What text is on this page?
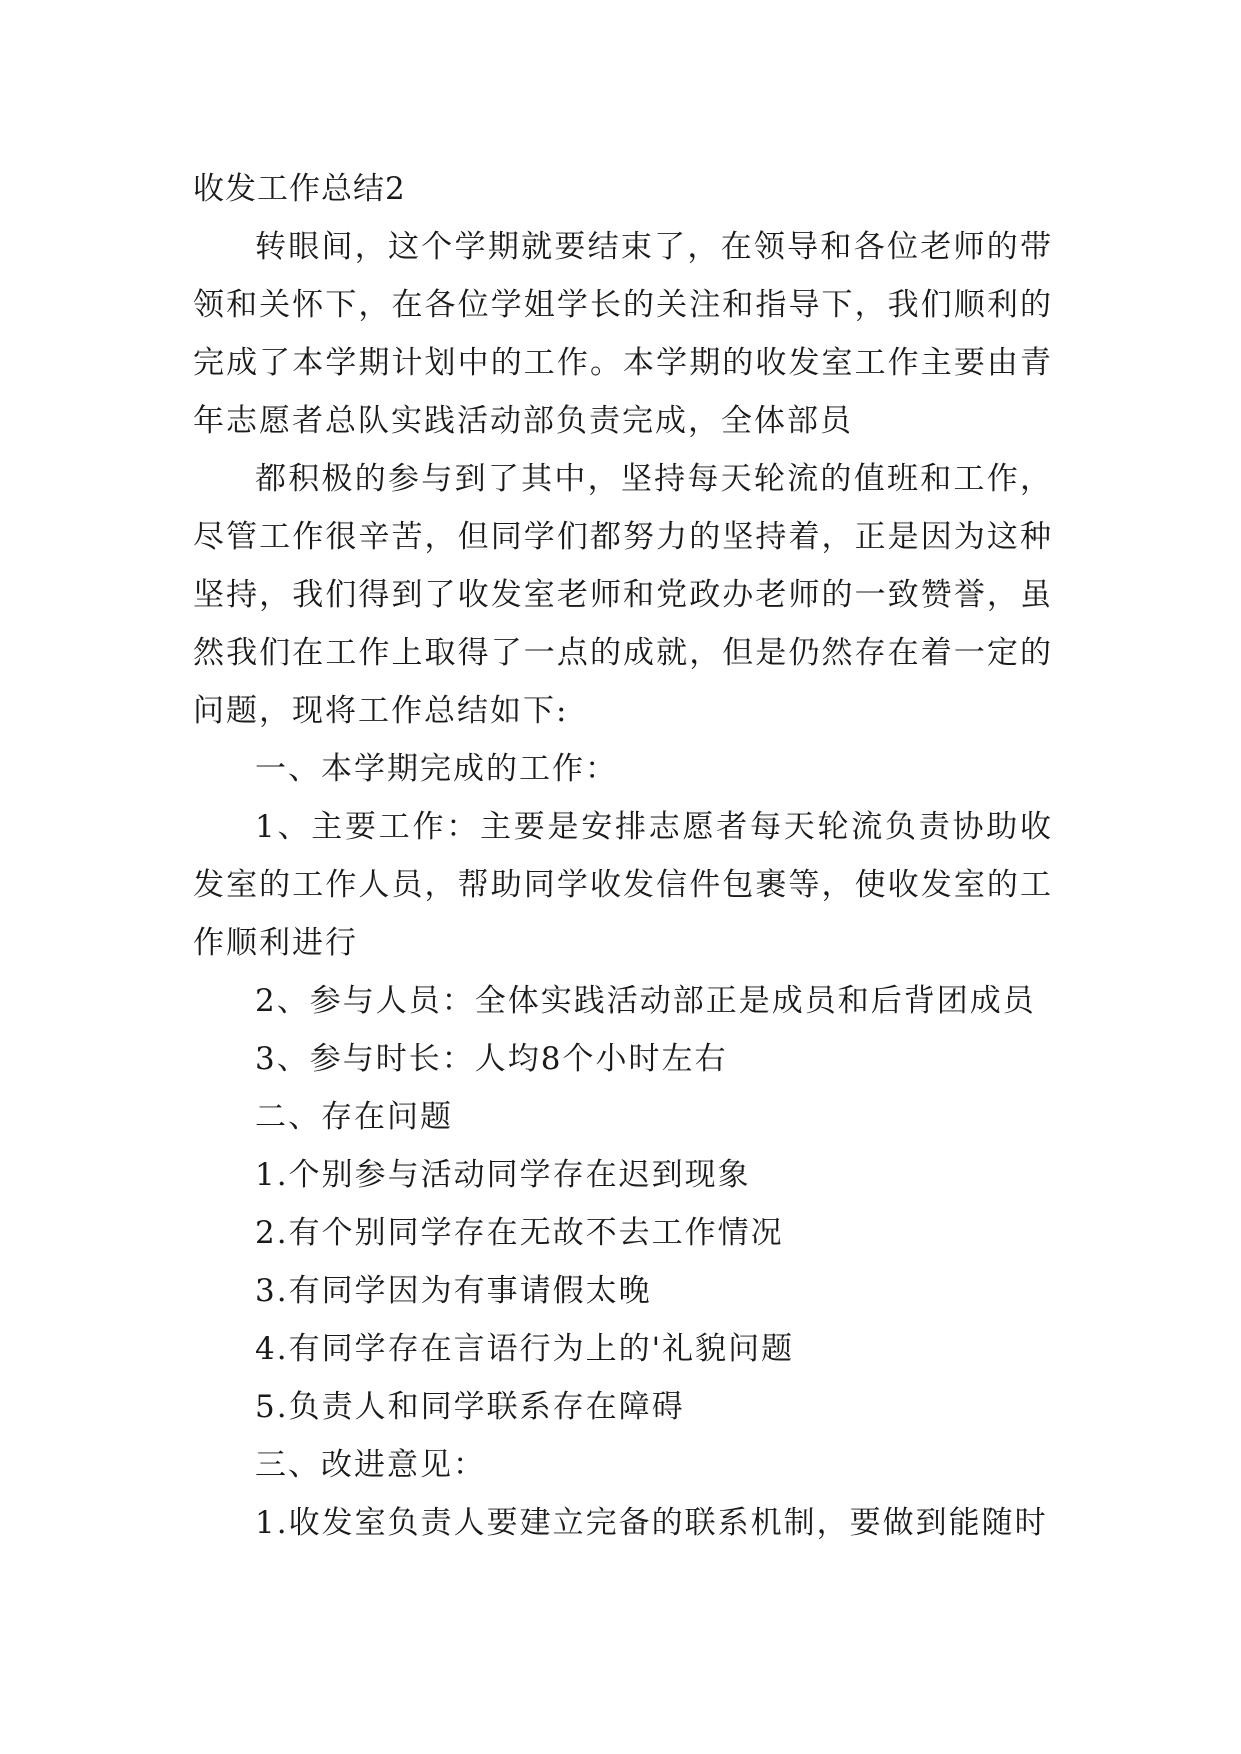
收发工作总结2

转眼间，这个学期就要结束了，在领导和各位老师的带领和关怀下，在各位学姐学长的关注和指导下，我们顺利的完成了本学期计划中的工作。本学期的收发室工作主要由青年志愿者总队实践活动部负责完成，全体部员

都积极的参与到了其中，坚持每天轮流的值班和工作，尽管工作很辛苦，但同学们都努力的坚持着，正是因为这种坚持，我们得到了收发室老师和党政办老师的一致赞誉，虽然我们在工作上取得了一点的成就，但是仍然存在着一定的问题，现将工作总结如下:

一、本学期完成的工作：

1、主要工作：主要是安排志愿者每天轮流负责协助收发室的工作人员，帮助同学收发信件包裹等，使收发室的工作顺利进行

2、参与人员：全体实践活动部正是成员和后背团成员

3、参与时长：人均8个小时左右

二、存在问题

1.个别参与活动同学存在迟到现象

2.有个别同学存在无故不去工作情况

3.有同学因为有事请假太晚

4.有同学存在言语行为上的'礼貌问题

5.负责人和同学联系存在障碍

三、改进意见：

1.收发室负责人要建立完备的联系机制，要做到能随时
